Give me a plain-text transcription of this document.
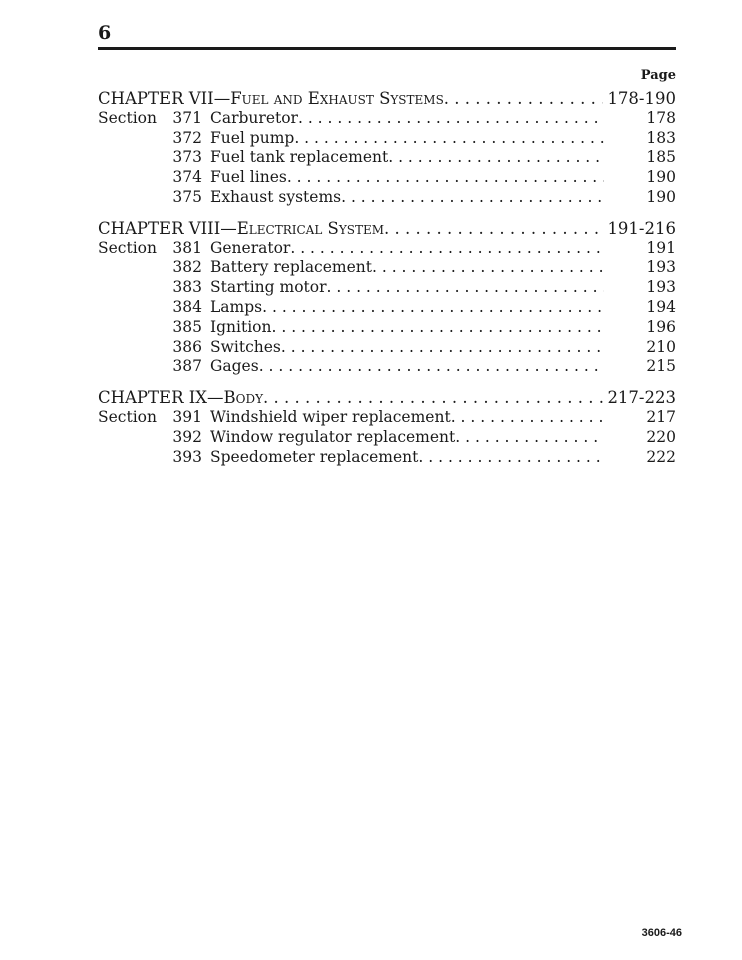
6
Page
CHAPTER VII— Fuel and Exhaust Systems . . .	178-190
Section 371 Carburetor . . .	178
372 Fuel pump . . .	183
373 Fuel tank replacement . . .	185
374 Fuel lines . . .	190
375 Exhaust systems . . .	190
CHAPTER VIII— Electrical System . . .	191-216
Section 381 Generator . . .	191
382 Battery replacement . . .	193
383 Starting motor . . .	193
384 Lamps . . .	194
385 Ignition . . .	196
386 Switches . . .	210
387 Gages . . .	215
CHAPTER IX— Body . . .	217-223
Section 391 Windshield wiper replacement . . .	217
392 Window regulator replacement . . .	220
393 Speedometer replacement . . .	222
3606-46
